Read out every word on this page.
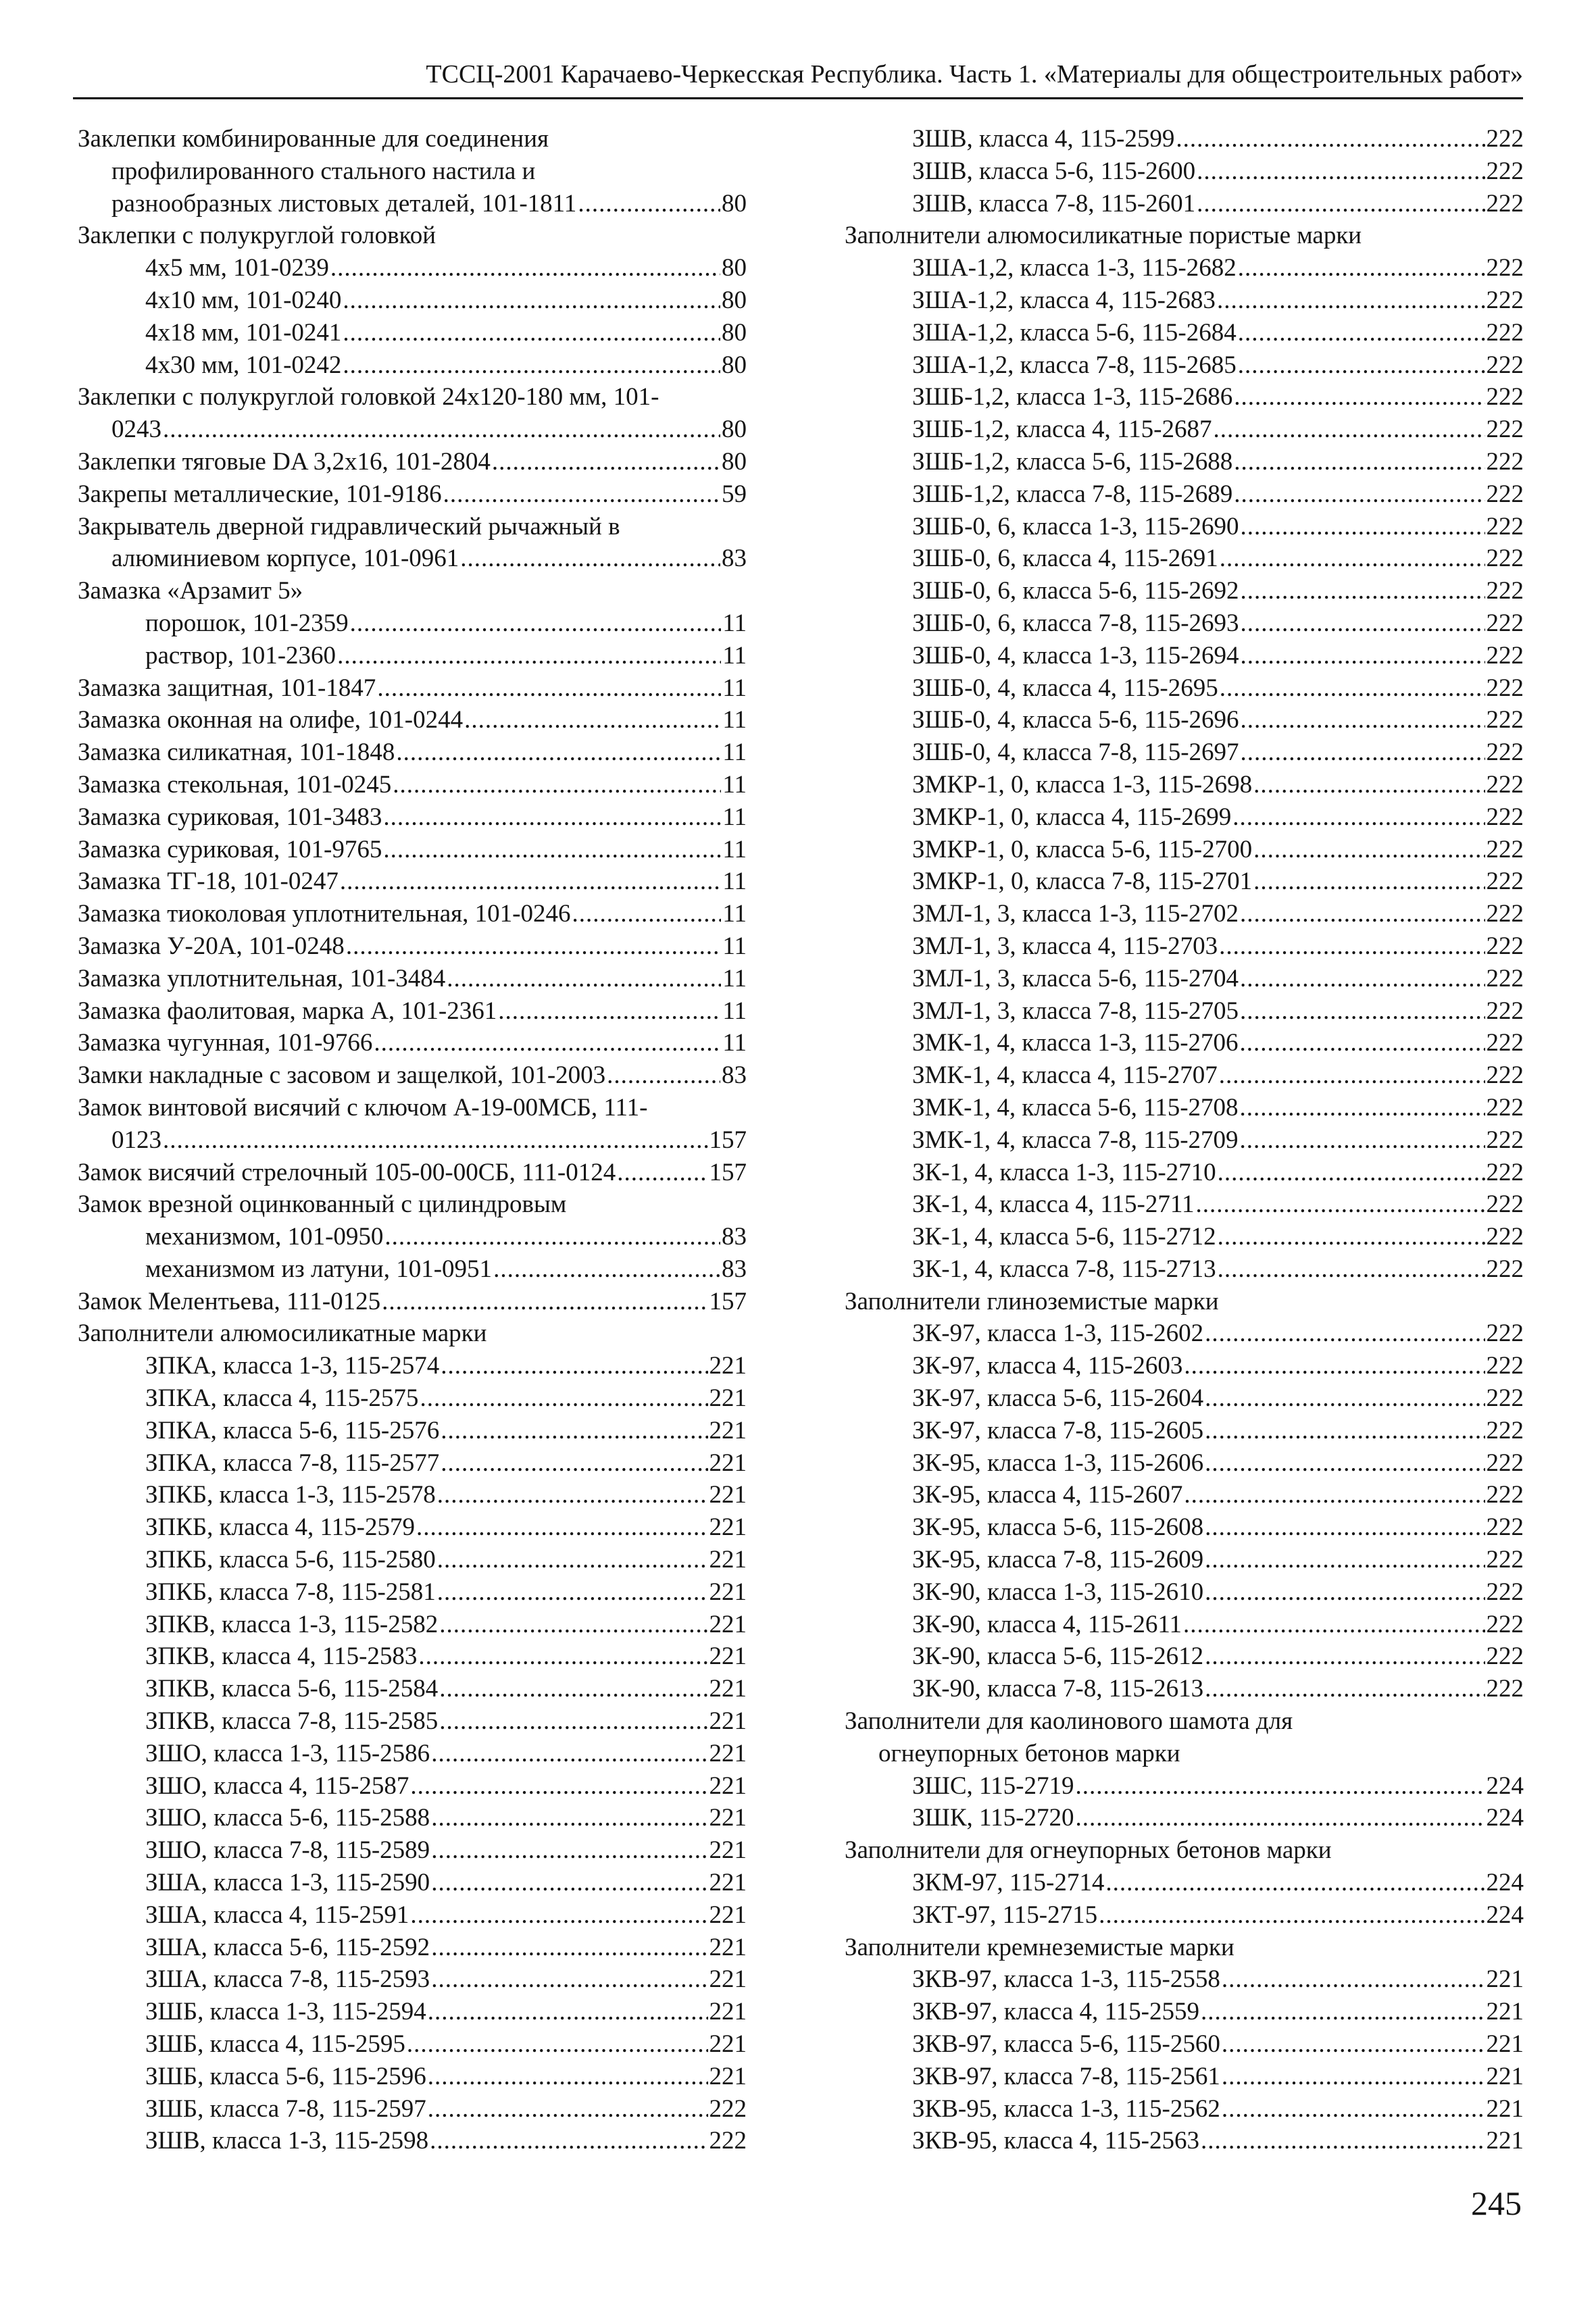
ТССЦ-2001 Карачаево-Черкесская Республика. Часть 1. «Материалы для общестроительных работ»
Заклепки комбинированные для соединения
профилированного стального настила и
разнообразных листовых деталей, 101-1811 .....	80
Заклепки с полукруглой головкой
4х5 мм, 101-0239 .....	80
4х10 мм, 101-0240 .....	80
4х18 мм, 101-0241 .....	80
4х30 мм, 101-0242 .....	80
Заклепки с полукруглой головкой 24х120-180 мм, 101-
0243 .....	80
Заклепки тяговые DA 3,2х16, 101-2804 .....	80
Закрепы металлические, 101-9186 .....	59
Закрыватель дверной гидравлический рычажный в
алюминиевом корпусе, 101-0961 .....	83
Замазка «Арзамит 5»
порошок, 101-2359 .....	11
раствор, 101-2360 .....	11
Замазка защитная, 101-1847 .....	11
Замазка оконная на олифе, 101-0244 .....	11
Замазка силикатная, 101-1848 .....	11
Замазка стекольная, 101-0245 .....	11
Замазка суриковая, 101-3483 .....	11
Замазка суриковая, 101-9765 .....	11
Замазка ТГ-18, 101-0247 .....	11
Замазка тиоколовая уплотнительная, 101-0246 .....	11
Замазка У-20А, 101-0248 .....	11
Замазка уплотнительная, 101-3484 .....	11
Замазка фаолитовая, марка А, 101-2361 .....	11
Замазка чугунная, 101-9766 .....	11
Замки накладные с засовом и защелкой, 101-2003 .....	83
Замок винтовой висячий с ключом А-19-00МСБ, 111-
0123 .....	157
Замок висячий стрелочный 105-00-00СБ, 111-0124 .....	157
Замок врезной оцинкованный с цилиндровым
механизмом, 101-0950 .....	83
механизмом из латуни, 101-0951 .....	83
Замок Мелентьева, 111-0125 .....	157
Заполнители алюмосиликатные марки
ЗПКА, класса 1-3, 115-2574 .....	221
ЗПКА, класса 4, 115-2575 .....	221
ЗПКА, класса 5-6, 115-2576 .....	221
ЗПКА, класса 7-8, 115-2577 .....	221
ЗПКБ, класса 1-3, 115-2578 .....	221
ЗПКБ, класса 4, 115-2579 .....	221
ЗПКБ, класса 5-6, 115-2580 .....	221
ЗПКБ, класса 7-8, 115-2581 .....	221
ЗПКВ, класса 1-3, 115-2582 .....	221
ЗПКВ, класса 4, 115-2583 .....	221
ЗПКВ, класса 5-6, 115-2584 .....	221
ЗПКВ, класса 7-8, 115-2585 .....	221
ЗШО, класса 1-3, 115-2586 .....	221
ЗШО, класса 4, 115-2587 .....	221
ЗШО, класса 5-6, 115-2588 .....	221
ЗШО, класса 7-8, 115-2589 .....	221
ЗША, класса 1-3, 115-2590 .....	221
ЗША, класса 4, 115-2591 .....	221
ЗША, класса 5-6, 115-2592 .....	221
ЗША, класса 7-8, 115-2593 .....	221
ЗШБ, класса 1-3, 115-2594 .....	221
ЗШБ, класса 4, 115-2595 .....	221
ЗШБ, класса 5-6, 115-2596 .....	221
ЗШБ, класса 7-8, 115-2597 .....	222
ЗШВ, класса 1-3, 115-2598 .....	222
ЗШВ, класса 4, 115-2599 .....	222
ЗШВ, класса 5-6, 115-2600 .....	222
ЗШВ, класса 7-8, 115-2601 .....	222
Заполнители алюмосиликатные пористые марки
ЗША-1,2, класса 1-3, 115-2682 .....	222
ЗША-1,2, класса 4, 115-2683 .....	222
ЗША-1,2, класса 5-6, 115-2684 .....	222
ЗША-1,2, класса 7-8, 115-2685 .....	222
ЗШБ-1,2, класса 1-3, 115-2686 .....	222
ЗШБ-1,2, класса 4, 115-2687 .....	222
ЗШБ-1,2, класса 5-6, 115-2688 .....	222
ЗШБ-1,2, класса 7-8, 115-2689 .....	222
ЗШБ-0, 6, класса 1-3, 115-2690 .....	222
ЗШБ-0, 6, класса 4, 115-2691 .....	222
ЗШБ-0, 6, класса 5-6, 115-2692 .....	222
ЗШБ-0, 6, класса 7-8, 115-2693 .....	222
ЗШБ-0, 4, класса 1-3, 115-2694 .....	222
ЗШБ-0, 4, класса 4, 115-2695 .....	222
ЗШБ-0, 4, класса 5-6, 115-2696 .....	222
ЗШБ-0, 4, класса 7-8, 115-2697 .....	222
ЗМКР-1, 0, класса 1-3, 115-2698 .....	222
ЗМКР-1, 0, класса 4, 115-2699 .....	222
ЗМКР-1, 0, класса 5-6, 115-2700 .....	222
ЗМКР-1, 0, класса 7-8, 115-2701 .....	222
ЗМЛ-1, 3, класса 1-3, 115-2702 .....	222
ЗМЛ-1, 3, класса 4, 115-2703 .....	222
ЗМЛ-1, 3, класса 5-6, 115-2704 .....	222
ЗМЛ-1, 3, класса 7-8, 115-2705 .....	222
ЗМК-1, 4, класса 1-3, 115-2706 .....	222
ЗМК-1, 4, класса 4, 115-2707 .....	222
ЗМК-1, 4, класса 5-6, 115-2708 .....	222
ЗМК-1, 4, класса 7-8, 115-2709 .....	222
ЗК-1, 4, класса 1-3, 115-2710 .....	222
ЗК-1, 4, класса 4, 115-2711 .....	222
ЗК-1, 4, класса 5-6, 115-2712 .....	222
ЗК-1, 4, класса 7-8, 115-2713 .....	222
Заполнители глиноземистые марки
ЗК-97, класса 1-3, 115-2602 .....	222
ЗК-97, класса 4, 115-2603 .....	222
ЗК-97, класса 5-6, 115-2604 .....	222
ЗК-97, класса 7-8, 115-2605 .....	222
ЗК-95, класса 1-3, 115-2606 .....	222
ЗК-95, класса 4, 115-2607 .....	222
ЗК-95, класса 5-6, 115-2608 .....	222
ЗК-95, класса 7-8, 115-2609 .....	222
ЗК-90, класса 1-3, 115-2610 .....	222
ЗК-90, класса 4, 115-2611 .....	222
ЗК-90, класса 5-6, 115-2612 .....	222
ЗК-90, класса 7-8, 115-2613 .....	222
Заполнители для каолинового шамота для
огнеупорных бетонов марки
ЗШС, 115-2719 .....	224
ЗШК, 115-2720 .....	224
Заполнители для огнеупорных бетонов марки
ЗКМ-97, 115-2714 .....	224
ЗКТ-97, 115-2715 .....	224
Заполнители кремнеземистые марки
ЗКВ-97, класса 1-3, 115-2558 .....	221
ЗКВ-97, класса 4, 115-2559 .....	221
ЗКВ-97, класса 5-6, 115-2560 .....	221
ЗКВ-97, класса 7-8, 115-2561 .....	221
ЗКВ-95, класса 1-3, 115-2562 .....	221
ЗКВ-95, класса 4, 115-2563 .....	221
245
